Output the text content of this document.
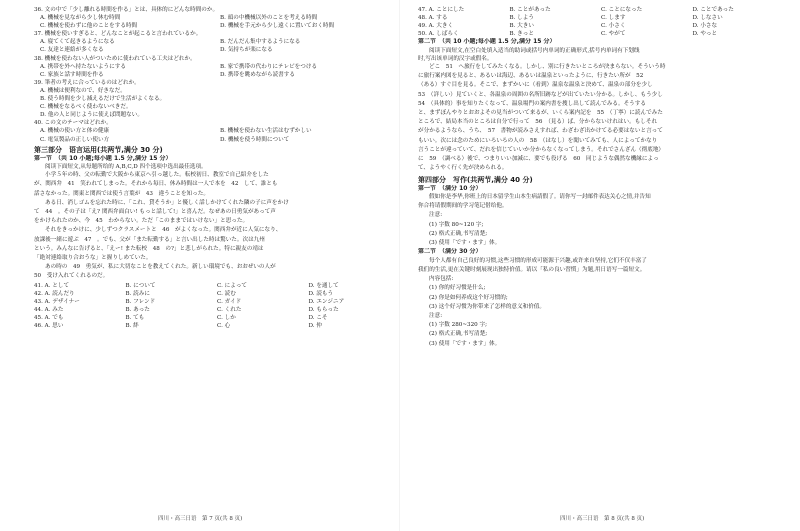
36. 文の中で「少し離れる時間を作る」とは、具体的にどんな時間のか。
A. 機械を見ながら少し休む時間	B. 頭の中機械以外のことを考える時間
C. 機械を使わずに他のことをする時間	D. 機械を手元から少し遠くに置いておく時間
37. 機械を使いすぎると、どんなことが起こると言われているか。
A. 寝てくて起きるようになる	B. だんだん集中するようになる
C. 友達と連絡が多くなる	D. 気持ちが楽になる
38. 機械を使わない人がついために使われている工夫はどれか。
A. 携帯を外へ持たないようにする	B. 家で携帯の代わりにテレビをつける
C. 家族と話す時間を作る	D. 携帯を眺めながら読書する
39. 筆者の考えに合っているのはどれか。
A. 機械は便利なので、好きなだ。
B. 使う時間を少し減えるだけで生活がよくなる。
C. 機械をなるべく使わないべきだ。
D. 他の人と同じように使えば問題ない。
40. この文のテーマはどれか。
A. 機械の使い方と体の健康	B. 機械を使わない生活はむずかしい
C. 電気製品の正しい使い方	D. 機械を使う時間について
第三部分　语言运用(共两节,满分 30 分)
第一节　（共 10 小题;每小题 1.5 分,满分 15 分）
阅读下面短文,从每题所给的 A,B,C,D 四个选项中选出最佳选项。
小学５年の時、父の転勤で大阪から東京へ引っ越した。転校初日、教室で自己紹介をした
が、関西弁　41　笑われてしまった。それから毎日、休み時間は一人で本を　42　して、誰とも
話さなかった。関東と関西では使う言葉が　43　違うことを知った。
ある日、消しゴムを忘れた時に、「これ、貸そうか」と優しく話しかけてくれた隣の子に声をかけ
て　44　。その子は「え? 関西弁面白い! もっと話して!」と喜んだ。なぜあの日勇気があって声
をかけられたのか、今　45　わからない。ただ「このままではいけない」と思った。
それをきっかけに、少しずつクラスメートと　46　がよくなった。関西弁が近に人気になり、
放課後一緒に遊ぶ　47　。でも、父が「また転勤する」と言い出した時は驚いた。次は九州
という。みんなに告げると、「えー! また転校　48　の?」と悲しがられた。特に親友の靖は
「絶対連絡取り合おうな」と握りしめていた。
あの時の　49　勇気が、私に大切なことを教えてくれた。新しい環境でも、おおぜいの人が
50　受け入れてくれるのだ。
41. A. として	B. について	C. によって	D. を通して
42. A. 読んだり	B. 読みに	C. 読む	D. 読もう
43. A. デザイナー	B. フレンド	C. ガイド	D. エンジニア
44. A. みた	B. あった	C. くれた	D. もらった
45. A. でも	B. ても	C. しか	D. こそ
46. A. 思い	B. 絆	C. 心	D. 仲
47. A. ことにした	B. ことがあった	C. ことになった	D. ことであった
48. A. する	B. しよう	C. します	D. しなさい
49. A. 大きく	B. 大きい	C. 小さく	D. 小さな
50. A. しばらく	B. きっと	C. やがて	D. やっと
第二节　（共 10 小题;每小题 1.5 分,满分 15 分）
阅读下面短文,在空白处填入适当的助词或括号内单词的正确形式,括号内单词有下划线
时,写出该单词的汉字或假名。
どこ　51　へ旅行をしてみたくなる。しかし、別に行きたいところが決まらない。そういう時
に旅行案内図を見ると、あるいは海辺、あるいは温泉といったように、行きたい所が　52
（ある）すぐ目を見る。そこで、まずかいに（看到）温泉な温泉と決めて、温泉の部分を少し
53　（詳しい）見ていくと、各温泉の周囲の名所旧跡などが出ていたい分かる。しかし、もう少し
54　（具体的）事を知りたくなって、温泉場門の案内書を捜し出して読んでみる。そうする
と、まずぼんやりとおおよその見当がついて来るが、いくら案内記を　55　（丁寧）に読んでみた
ところで、結局本当のところは自分で行って　56　（見る）ば、分からないけれはい。もしそれ
が分かるようなら、うち、　57　書物が読みさえすれば、わざわざ出かけてる必要はないと言って
もいい。次には念のためにいろいろの人の　58　（はなし）を聞いてみても、人によってかなり
言うことが違っていて、だれを信じていいか分からなくなってしまう。それでさんざん（彻底地）
に　59　（調べる）後で、つまりいい加減に、要でも役げる　60　同じような偶然な機縁によっ
て、ようやく行く先が決められる。
第四部分　写作(共两节,满分 40 分)
第一节　（满分 10 分）
假如你是李华,你班上的日本留学生山本生病請假了。请你写一封邮件表达关心之情,并告知
你合将请假期间的学习笔记借给他。
注意:
(1) 字数 80~120 字;
(2) 格式正确,书写清楚;
(3) 使用「です・ます」体。
第二节　（满分 30 分）
每个人都有自己良好的习惯,这些习惯的形成可能源于兴趣,或许来自坚持,它们不仅丰富了
我们的生活,更在关键时刻展现出独特价值。请以「私の良い習慣」为题,用日语写一篇短文。
内容包括:
(1) 你的好习惯是什么;
(2) 你是如何养成这个好习惯的;
(3) 这个好习惯为你带来了怎样的意义和价值。
注意:
(1) 字数 280~320 字;
(2) 格式正确,书写清楚;
(3) 使用「です・ます」体。
四川・高三日语　第 7 页(共 8 页)	四川・高三日语　第 8 页(共 8 页)
